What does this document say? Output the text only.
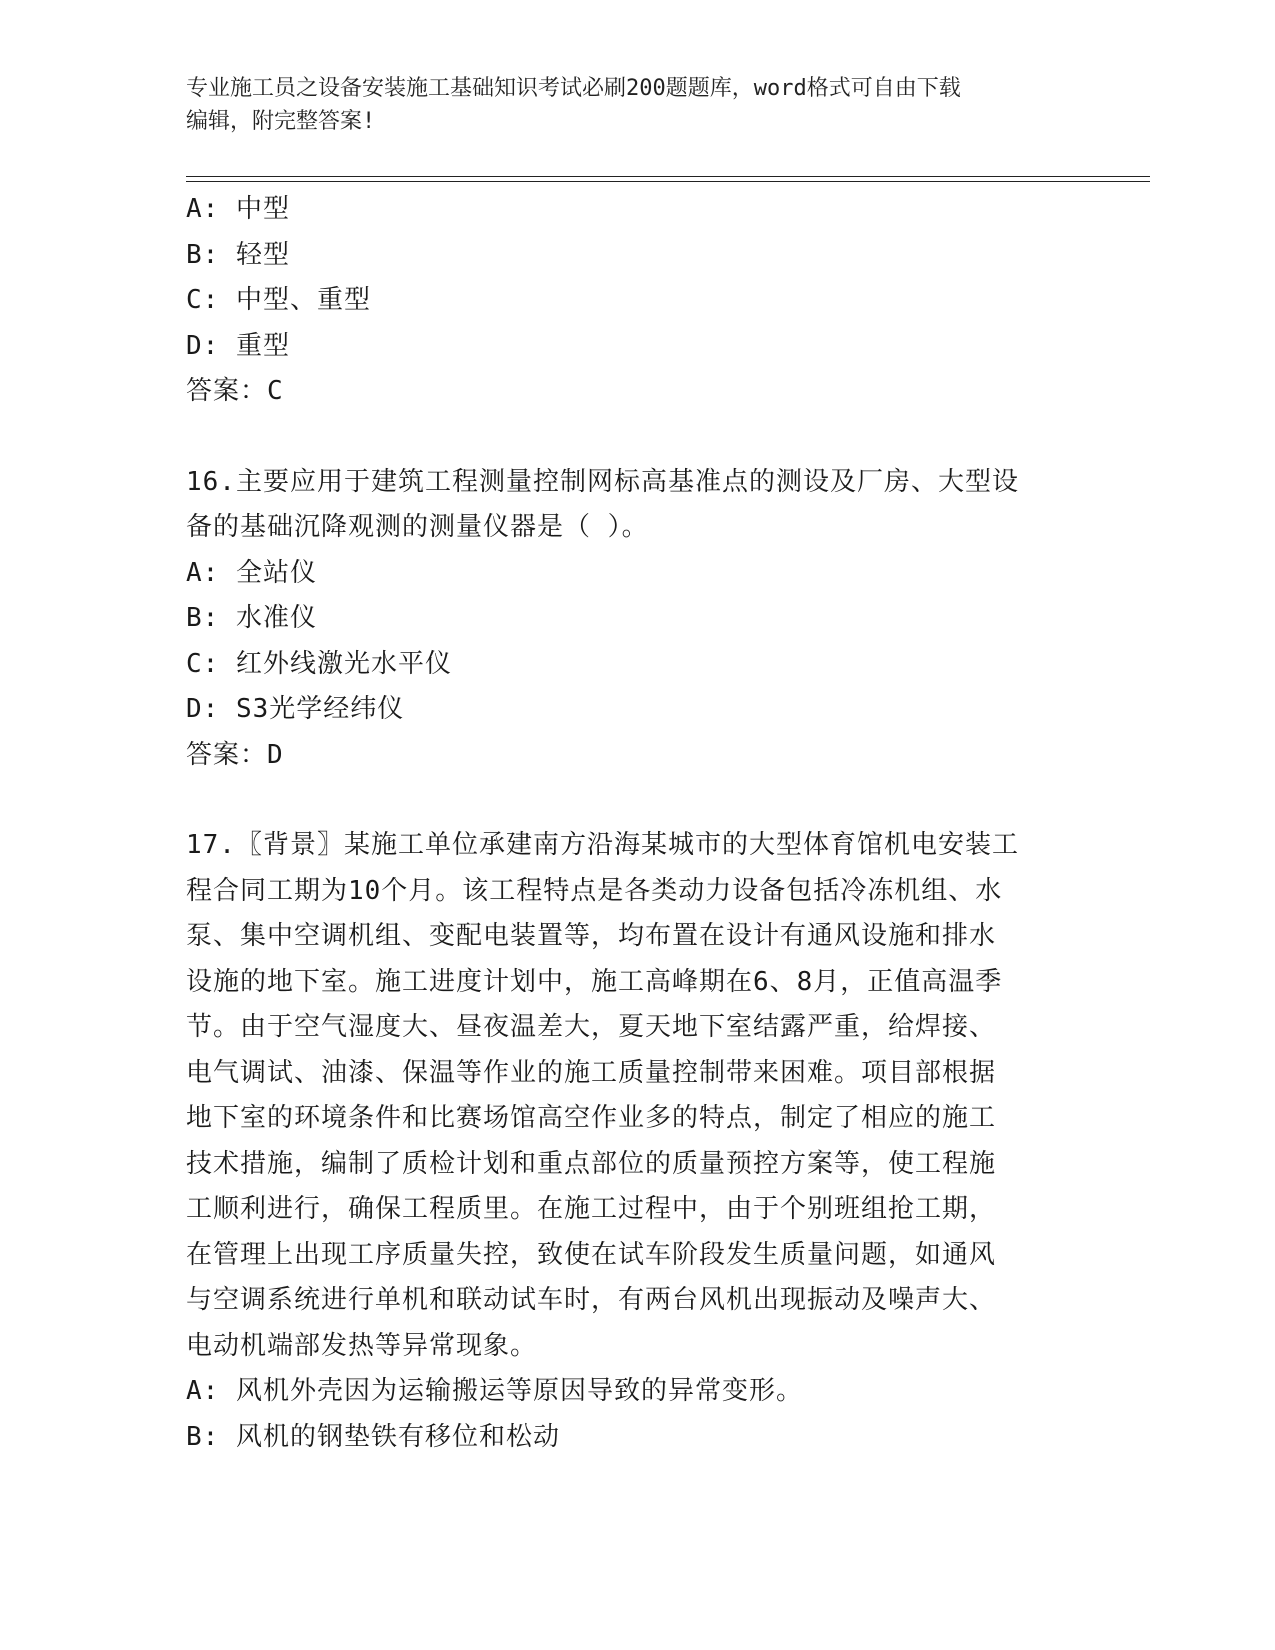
专业施工员之设备安装施工基础知识考试必刷200题题库，word格式可自由下载
编辑，附完整答案!
A: 中型
B: 轻型
C: 中型、重型
D: 重型
答案：C
16.主要应用于建筑工程测量控制网标高基准点的测设及厂房、大型设
备的基础沉降观测的测量仪器是（ ）。
A: 全站仪
B: 水准仪
C: 红外线激光水平仪
D: S3光学经纬仪
答案：D
17.〖背景〗某施工单位承建南方沿海某城市的大型体育馆机电安装工
程合同工期为10个月。该工程特点是各类动力设备包括冷冻机组、水
泵、集中空调机组、变配电装置等，均布置在设计有通风设施和排水
设施的地下室。施工进度计划中，施工高峰期在6、8月，正值高温季
节。由于空气湿度大、昼夜温差大，夏天地下室结露严重，给焊接、
电气调试、油漆、保温等作业的施工质量控制带来困难。项目部根据
地下室的环境条件和比赛场馆高空作业多的特点，制定了相应的施工
技术措施，编制了质检计划和重点部位的质量预控方案等，使工程施
工顺利进行，确保工程质里。在施工过程中，由于个别班组抢工期，
在管理上出现工序质量失控，致使在试车阶段发生质量问题，如通风
与空调系统进行单机和联动试车时，有两台风机出现振动及噪声大、
电动机端部发热等异常现象。
A: 风机外壳因为运输搬运等原因导致的异常变形。
B: 风机的钢垫铁有移位和松动
